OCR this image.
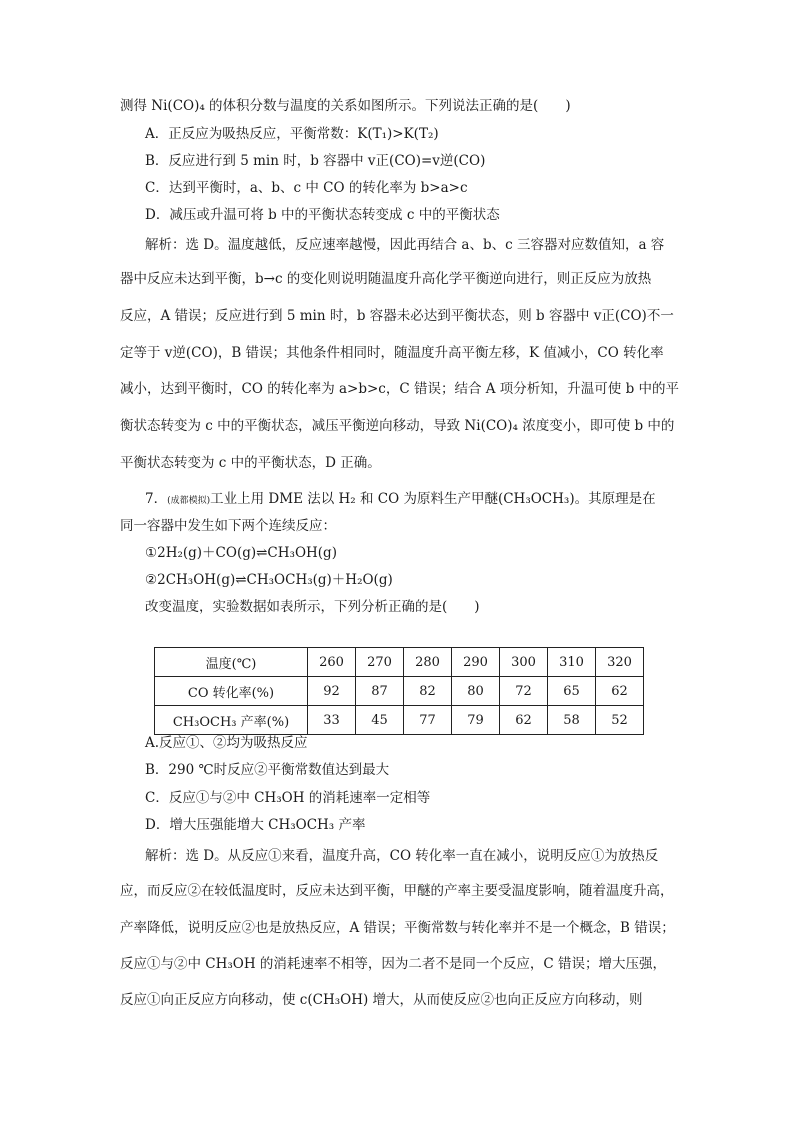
测得 Ni(CO)₄ 的体积分数与温度的关系如图所示。下列说法正确的是(　　)
A．正反应为吸热反应，平衡常数：K(T₁)>K(T₂)
B．反应进行到 5 min 时，b 容器中 v正(CO)=v逆(CO)
C．达到平衡时，a、b、c 中 CO 的转化率为 b>a>c
D．减压或升温可将 b 中的平衡状态转变成 c 中的平衡状态
解析：选 D。温度越低，反应速率越慢，因此再结合 a、b、c 三容器对应数值知，a 容
器中反应未达到平衡，b→c 的变化则说明随温度升高化学平衡逆向进行，则正反应为放热
反应，A 错误；反应进行到 5 min 时，b 容器未必达到平衡状态，则 b 容器中 v正(CO)不一
定等于 v逆(CO)，B 错误；其他条件相同时，随温度升高平衡左移，K 值减小，CO 转化率
减小，达到平衡时，CO 的转化率为 a>b>c，C 错误；结合 A 项分析知，升温可使 b 中的平
衡状态转变为 c 中的平衡状态，减压平衡逆向移动，导致 Ni(CO)₄ 浓度变小，即可使 b 中的
平衡状态转变为 c 中的平衡状态，D 正确。
7．(成都模拟)工业上用 DME 法以 H₂ 和 CO 为原料生产甲醚(CH₃OCH₃)。其原理是在
同一容器中发生如下两个连续反应：
①2H₂(g)＋CO(g)⇌CH₃OH(g)
②2CH₃OH(g)⇌CH₃OCH₃(g)＋H₂O(g)
改变温度，实验数据如表所示，下列分析正确的是(　　)
温度(℃)	260	270	280	290	300	310	320
CO 转化率(%)	92	87	82	80	72	65	62
CH₃OCH₃ 产率(%)	33	45	77	79	62	58	52
A.反应①、②均为吸热反应
B．290 ℃时反应②平衡常数值达到最大
C．反应①与②中 CH₃OH 的消耗速率一定相等
D．增大压强能增大 CH₃OCH₃ 产率
解析：选 D。从反应①来看，温度升高，CO 转化率一直在减小，说明反应①为放热反
应，而反应②在较低温度时，反应未达到平衡，甲醚的产率主要受温度影响，随着温度升高，
产率降低，说明反应②也是放热反应，A 错误；平衡常数与转化率并不是一个概念，B 错误；
反应①与②中 CH₃OH 的消耗速率不相等，因为二者不是同一个反应，C 错误；增大压强，
反应①向正反应方向移动，使 c(CH₃OH) 增大，从而使反应②也向正反应方向移动，则
